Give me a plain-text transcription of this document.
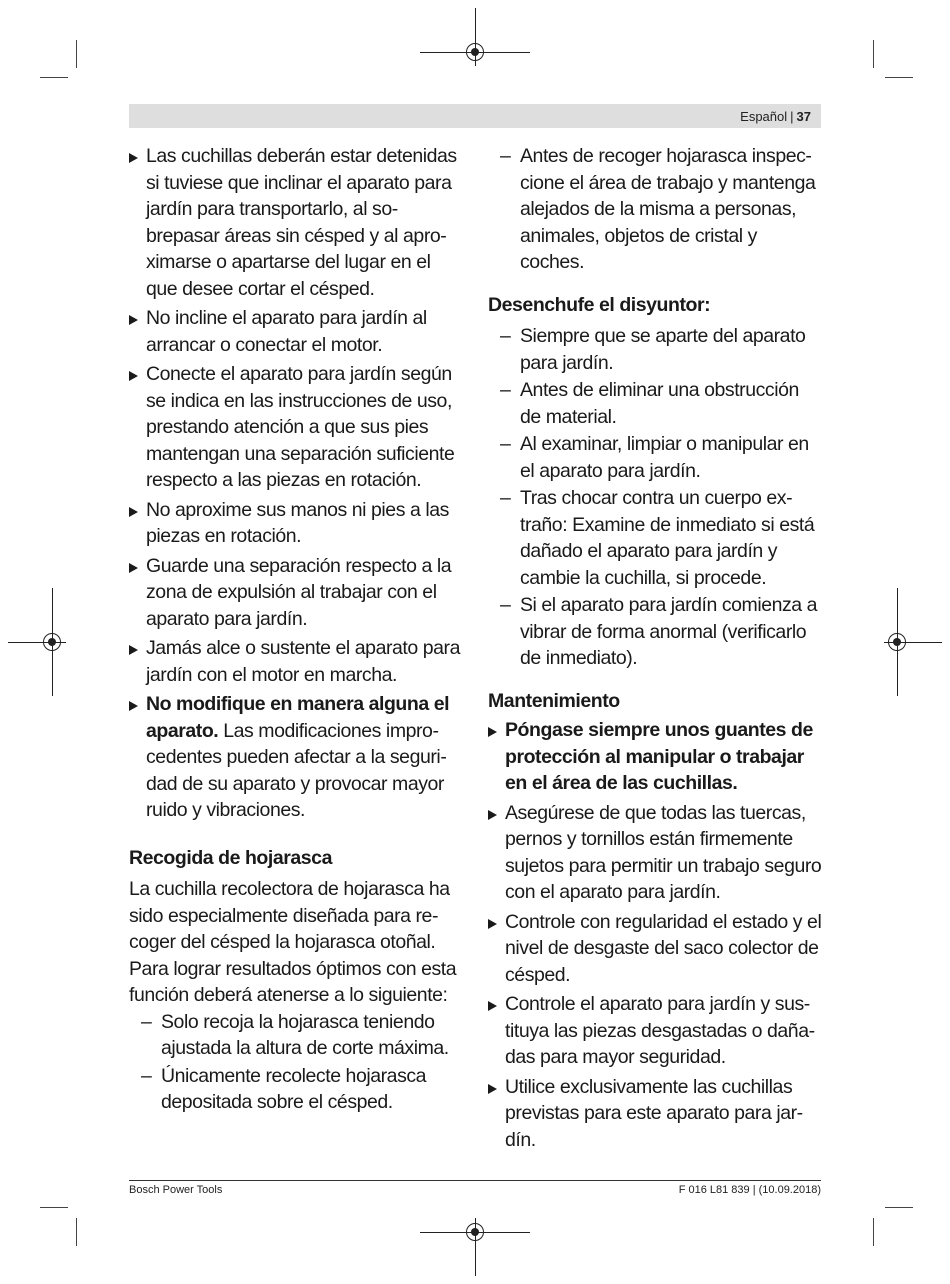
Español | 37
Las cuchillas deberán estar detenidas si tuviese que inclinar el aparato para jardín para transportarlo, al sobrepasar áreas sin césped y al aproximarse o apartarse del lugar en el que desee cortar el césped.
No incline el aparato para jardín al arrancar o conectar el motor.
Conecte el aparato para jardín según se indica en las instrucciones de uso, prestando atención a que sus pies mantengan una separación suficiente respecto a las piezas en rotación.
No aproxime sus manos ni pies a las piezas en rotación.
Guarde una separación respecto a la zona de expulsión al trabajar con el aparato para jardín.
Jamás alce o sustente el aparato para jardín con el motor en marcha.
No modifique en manera alguna el aparato. Las modificaciones improcedentes pueden afectar a la seguridad de su aparato y provocar mayor ruido y vibraciones.

Recogida de hojarasca

La cuchilla recolectora de hojarasca ha sido especialmente diseñada para recoger del césped la hojarasca otoñal. Para lograr resultados óptimos con esta función deberá atenerse a lo siguiente:

– Solo recoja la hojarasca teniendo ajustada la altura de corte máxima.
– Únicamente recolecte hojarasca depositada sobre el césped.
– Antes de recoger hojarasca inspeccione el área de trabajo y mantenga alejados de la misma a personas, animales, objetos de cristal y coches.

Desenchufe el disyuntor:

– Siempre que se aparte del aparato para jardín.
– Antes de eliminar una obstrucción de material.
– Al examinar, limpiar o manipular en el aparato para jardín.
– Tras chocar contra un cuerpo extraño: Examine de inmediato si está dañado el aparato para jardín y cambie la cuchilla, si procede.
– Si el aparato para jardín comienza a vibrar de forma anormal (verificarlo de inmediato).

Mantenimiento

Póngase siempre unos guantes de protección al manipular o trabajar en el área de las cuchillas.
Asegúrese de que todas las tuercas, pernos y tornillos están firmemente sujetos para permitir un trabajo seguro con el aparato para jardín.
Controle con regularidad el estado y el nivel de desgaste del saco colector de césped.
Controle el aparato para jardín y sustituya las piezas desgastadas o dañadas para mayor seguridad.
Utilice exclusivamente las cuchillas previstas para este aparato para jardín.
Bosch Power Tools	F 016 L81 839 | (10.09.2018)
